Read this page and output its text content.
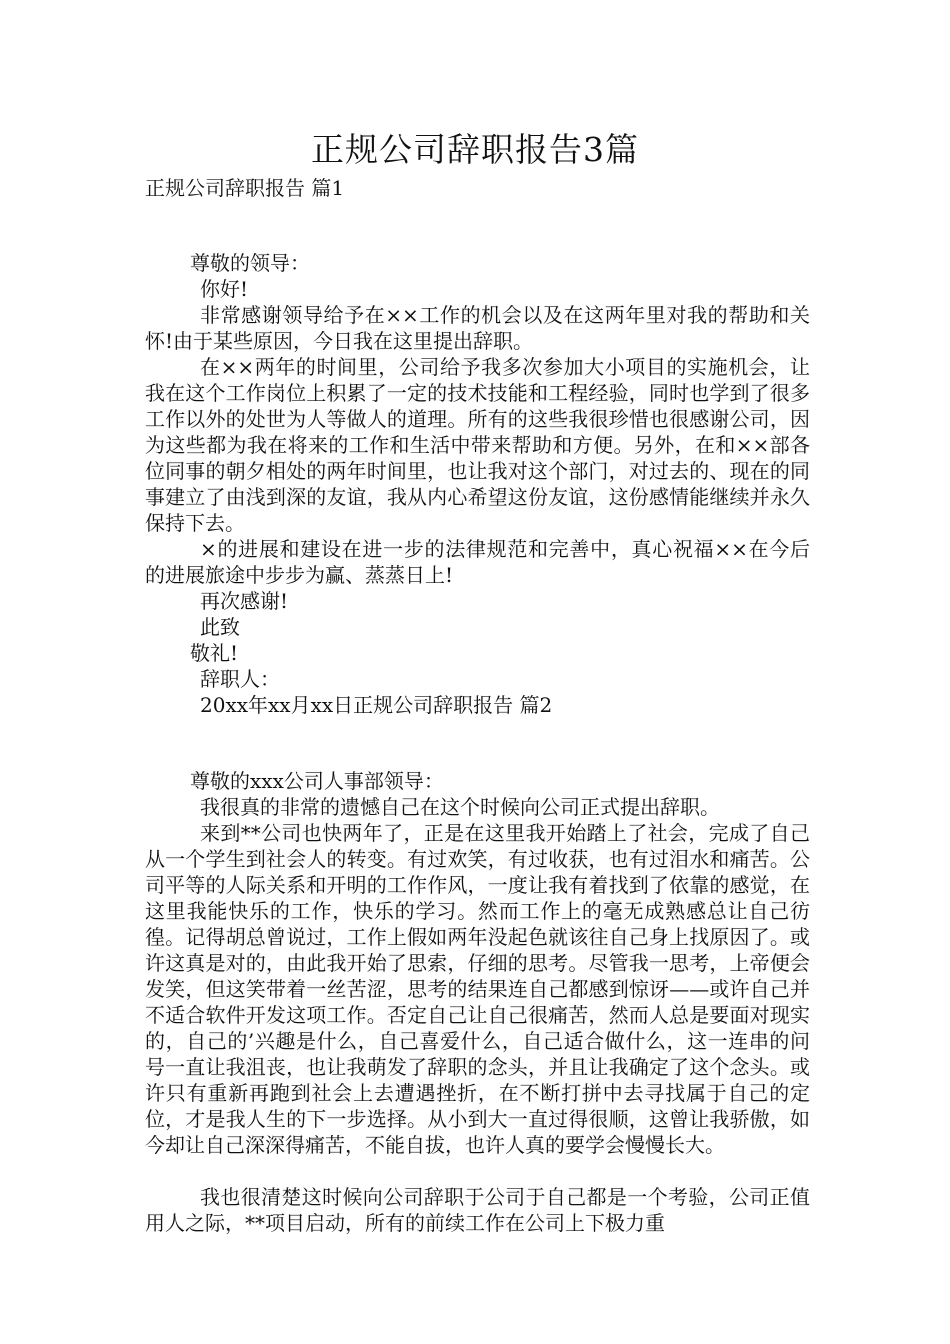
正规公司辞职报告3篇
正规公司辞职报告 篇1
尊敬的领导：
你好!

非常感谢领导给予在××工作的机会以及在这两年里对我的帮助和关怀!由于某些原因，今日我在这里提出辞职。

在××两年的时间里，公司给予我多次参加大小项目的实施机会，让我在这个工作岗位上积累了一定的技术技能和工程经验，同时也学到了很多工作以外的处世为人等做人的道理。所有的这些我很珍惜也很感谢公司，因为这些都为我在将来的工作和生活中带来帮助和方便。另外，在和××部各位同事的朝夕相处的两年时间里，也让我对这个部门，对过去的、现在的同事建立了由浅到深的友谊，我从内心希望这份友谊，这份感情能继续并永久保持下去。

×的进展和建设在进一步的法律规范和完善中，真心祝福××在今后的进展旅途中步步为赢、蒸蒸日上!

再次感谢!
此致
敬礼!
辞职人：
20xx年xx月xx日正规公司辞职报告 篇2
尊敬的xxx公司人事部领导：
我很真的非常的遗憾自己在这个时候向公司正式提出辞职。

来到**公司也快两年了，正是在这里我开始踏上了社会，完成了自己从一个学生到社会人的转变。有过欢笑，有过收获，也有过泪水和痛苦。公司平等的人际关系和开明的工作作风，一度让我有着找到了依靠的感觉，在这里我能快乐的工作，快乐的学习。然而工作上的毫无成熟感总让自己彷徨。记得胡总曾说过，工作上假如两年没起色就该往自己身上找原因了。或许这真是对的，由此我开始了思索，仔细的思考。尽管我一思考，上帝便会发笑，但这笑带着一丝苦涩，思考的结果连自己都感到惊讶——或许自己并不适合软件开发这项工作。否定自己让自己很痛苦，然而人总是要面对现实的，自己的’兴趣是什么，自己喜爱什么，自己适合做什么，这一连串的问号一直让我沮丧，也让我萌发了辞职的念头，并且让我确定了这个念头。或许只有重新再跑到社会上去遭遇挫折，在不断打拼中去寻找属于自己的定位，才是我人生的下一步选择。从小到大一直过得很顺，这曾让我骄傲，如今却让自己深深得痛苦，不能自拔，也许人真的要学会慢慢长大。

我也很清楚这时候向公司辞职于公司于自己都是一个考验，公司正值用人之际，**项目启动，所有的前续工作在公司上下极力重
